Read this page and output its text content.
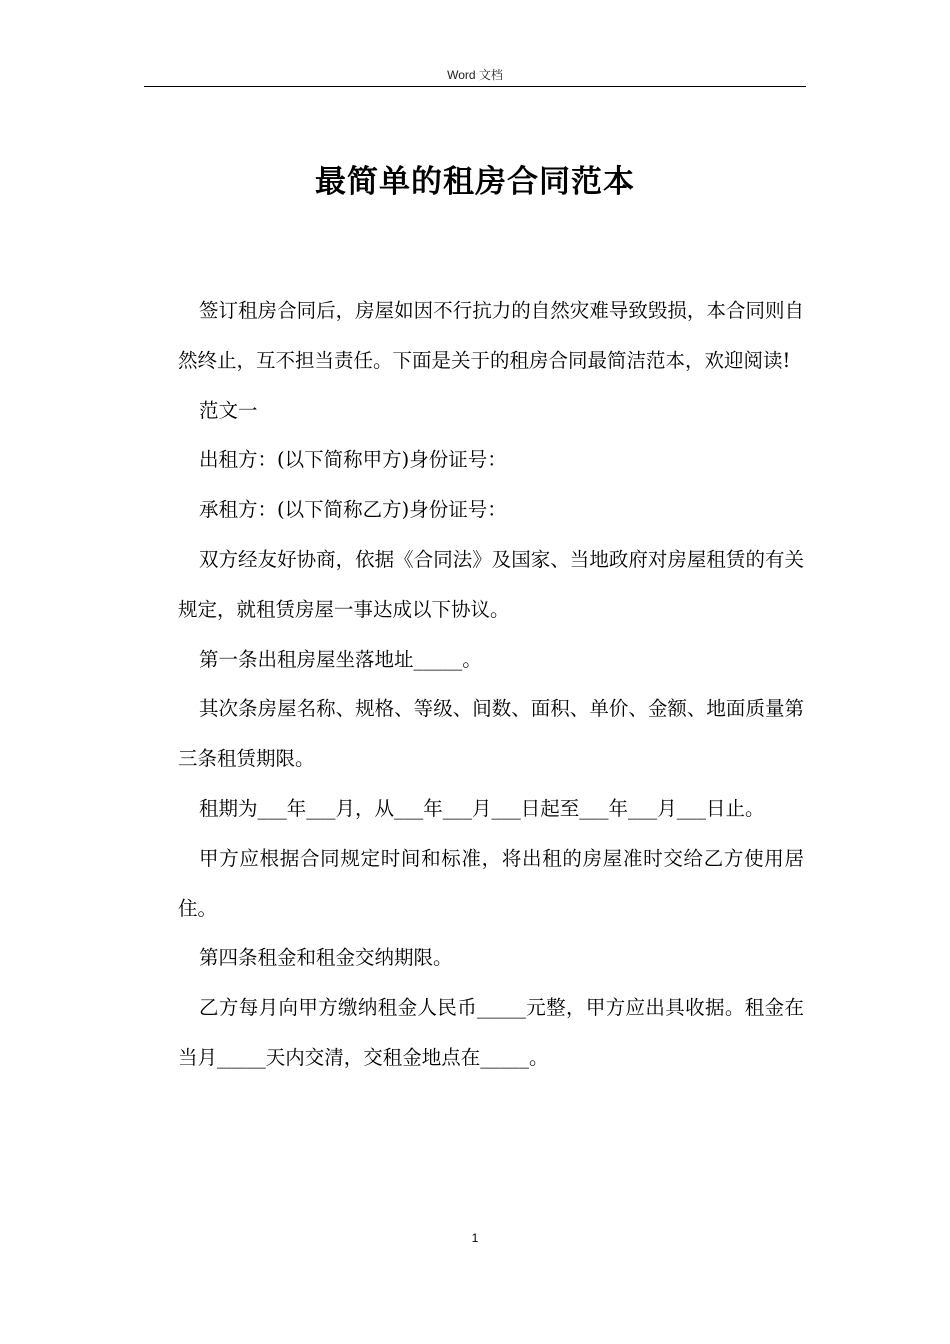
Word 文档
最简单的租房合同范本

签订租房合同后，房屋如因不行抗力的自然灾难导致毁损，本合同则自然终止，互不担当责任。下面是关于的租房合同最简洁范本，欢迎阅读!

范文一

出租方：(以下简称甲方)身份证号：

承租方：(以下简称乙方)身份证号：

双方经友好协商，依据《合同法》及国家、当地政府对房屋租赁的有关规定，就租赁房屋一事达成以下协议。

第一条出租房屋坐落地址_____。

其次条房屋名称、规格、等级、间数、面积、单价、金额、地面质量第三条租赁期限。

租期为___年___月，从___年___月___日起至___年___月___日止。

甲方应根据合同规定时间和标准，将出租的房屋准时交给乙方使用居住。

第四条租金和租金交纳期限。

乙方每月向甲方缴纳租金人民币_____元整，甲方应出具收据。租金在当月_____天内交清，交租金地点在_____。

1
